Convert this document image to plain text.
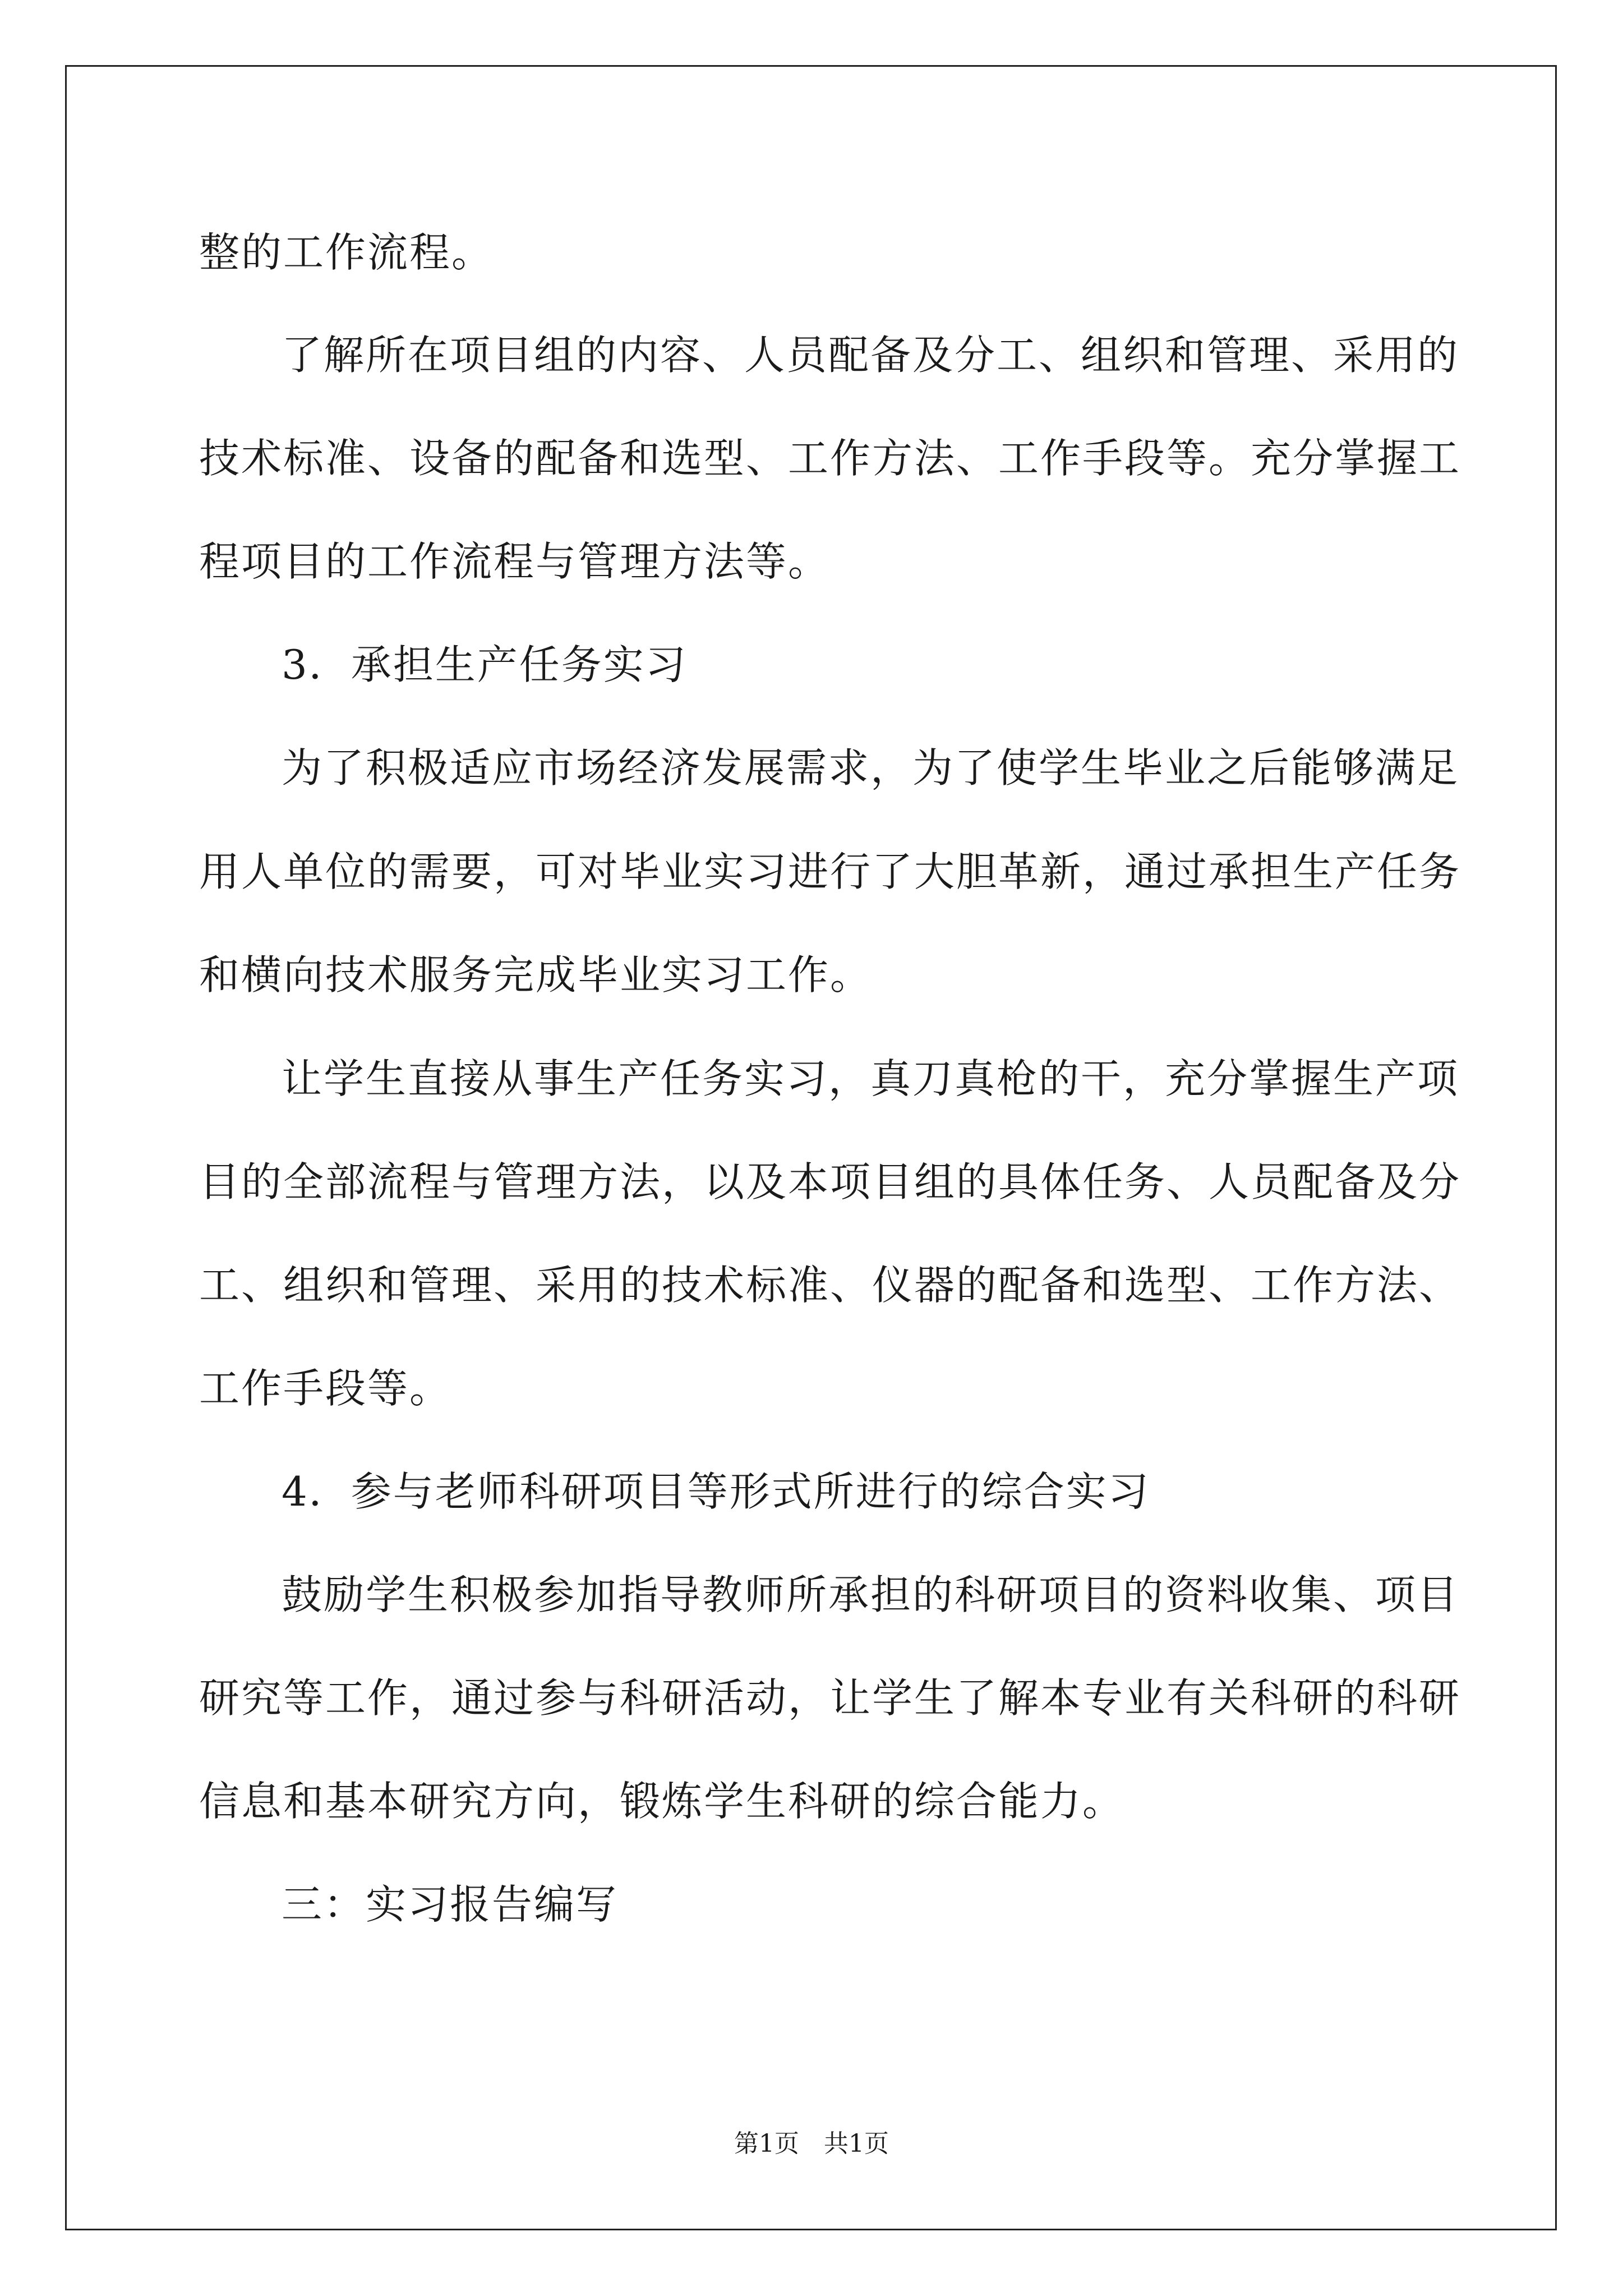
整的工作流程。
了解所在项目组的内容、人员配备及分工、组织和管理、采用的
技术标准、设备的配备和选型、工作方法、工作手段等。充分掌握工
程项目的工作流程与管理方法等。
3．承担生产任务实习
为了积极适应市场经济发展需求，为了使学生毕业之后能够满足
用人单位的需要，可对毕业实习进行了大胆革新，通过承担生产任务
和横向技术服务完成毕业实习工作。
让学生直接从事生产任务实习，真刀真枪的干，充分掌握生产项
目的全部流程与管理方法，以及本项目组的具体任务、人员配备及分
工、组织和管理、采用的技术标准、仪器的配备和选型、工作方法、
工作手段等。
4．参与老师科研项目等形式所进行的综合实习
鼓励学生积极参加指导教师所承担的科研项目的资料收集、项目
研究等工作，通过参与科研活动，让学生了解本专业有关科研的科研
信息和基本研究方向，锻炼学生科研的综合能力。
三：实习报告编写
第1页　共1页
